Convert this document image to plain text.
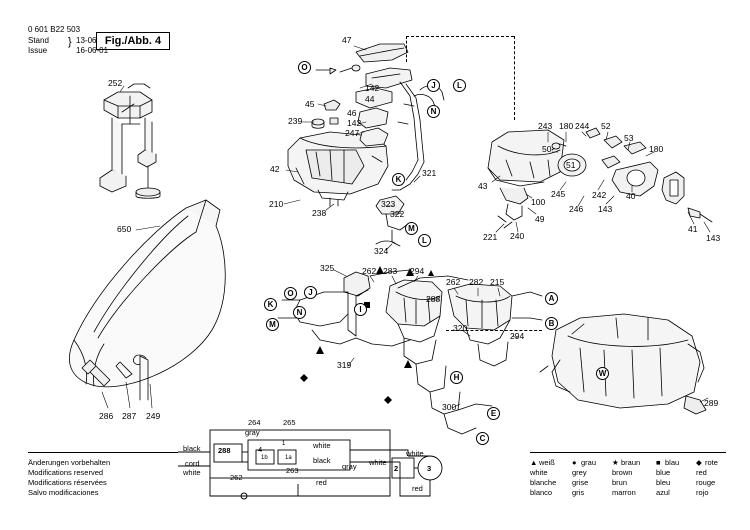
0 601 B22 503
Stand
Issue
} 13-06
16-06-01
Fig./Abb. 4
252
650
286 287 249
47
142
44
46
45
239	142
247
42
210
238
323
322
321
324
325	262 283 294
288
262 282 215
320
294
319
300
243 180 244 52
50
51
53
180
245
246
242
143
40
41
143
43
100
49
221 240
289
O
J	L
N
K
M
L
K
O	J
M
N	I
A
B
H
E
C
W
264	265
gray
black
cord
white
288
262
263
4
1
1b	1a
white
black
gray white
white
red
red
2	3
Änderungen vorbehalten
Modifications reserved
Modifications réservées
Salvo modificaciones
▲ weiß
white
blanche
blanco
● grau
grey
grise
gris
★ braun
brown
brun
marron
■ blau
blue
bleu
azul
◆ rote
red
rouge
rojo
